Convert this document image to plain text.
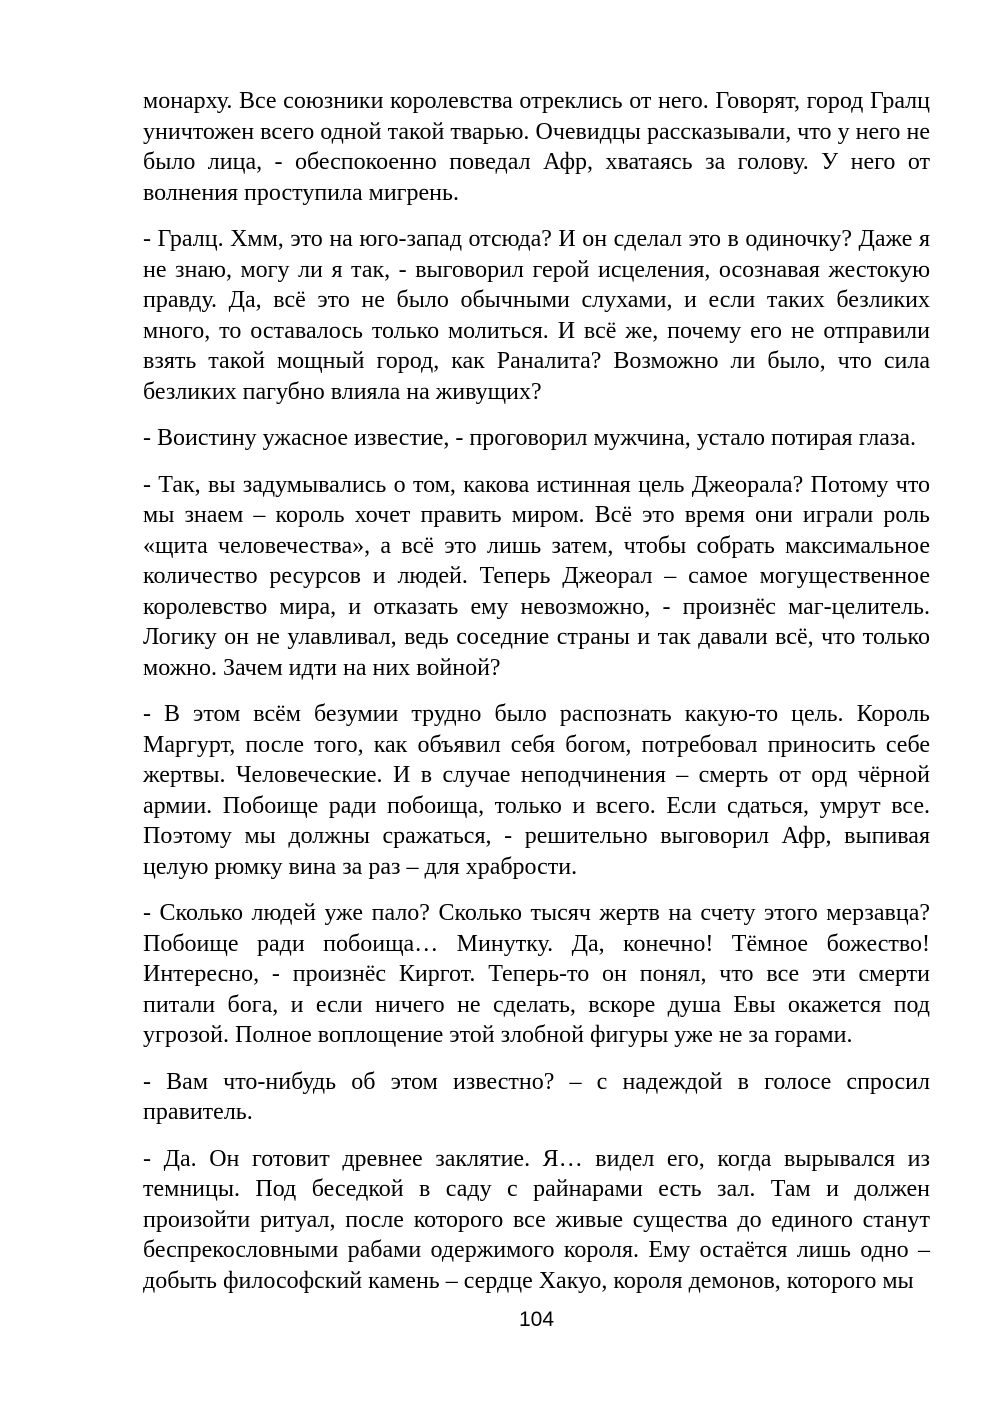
монарху. Все союзники королевства отреклись от него. Говорят, город Гралц уничтожен всего одной такой тварью. Очевидцы рассказывали, что у него не было лица, - обеспокоенно поведал Афр, хватаясь за голову. У него от волнения проступила мигрень.

- Гралц. Хмм, это на юго-запад отсюда? И он сделал это в одиночку? Даже я не знаю, могу ли я так, - выговорил герой исцеления, осознавая жестокую правду. Да, всё это не было обычными слухами, и если таких безликих много, то оставалось только молиться. И всё же, почему его не отправили взять такой мощный город, как Раналита? Возможно ли было, что сила безликих пагубно влияла на живущих?

- Воистину ужасное известие, - проговорил мужчина, устало потирая глаза.

- Так, вы задумывались о том, какова истинная цель Джеорала? Потому что мы знаем – король хочет править миром. Всё это время они играли роль «щита человечества», а всё это лишь затем, чтобы собрать максимальное количество ресурсов и людей. Теперь Джеорал – самое могущественное королевство мира, и отказать ему невозможно, - произнёс маг-целитель. Логику он не улавливал, ведь соседние страны и так давали всё, что только можно. Зачем идти на них войной?

- В этом всём безумии трудно было распознать какую-то цель. Король Маргурт, после того, как объявил себя богом, потребовал приносить себе жертвы. Человеческие. И в случае неподчинения – смерть от орд чёрной армии. Побоище ради побоища, только и всего. Если сдаться, умрут все. Поэтому мы должны сражаться, - решительно выговорил Афр, выпивая целую рюмку вина за раз – для храбрости.

- Сколько людей уже пало? Сколько тысяч жертв на счету этого мерзавца? Побоище ради побоища… Минутку. Да, конечно! Тёмное божество! Интересно, - произнёс Киргот. Теперь-то он понял, что все эти смерти питали бога, и если ничего не сделать, вскоре душа Евы окажется под угрозой. Полное воплощение этой злобной фигуры уже не за горами.

- Вам что-нибудь об этом известно? – с надеждой в голосе спросил правитель.

- Да. Он готовит древнее заклятие. Я… видел его, когда вырывался из темницы. Под беседкой в саду с райнарами есть зал. Там и должен произойти ритуал, после которого все живые существа до единого станут беспрекословными рабами одержимого короля. Ему остаётся лишь одно – добыть философский камень – сердце Хакуо, короля демонов, которого мы

104
